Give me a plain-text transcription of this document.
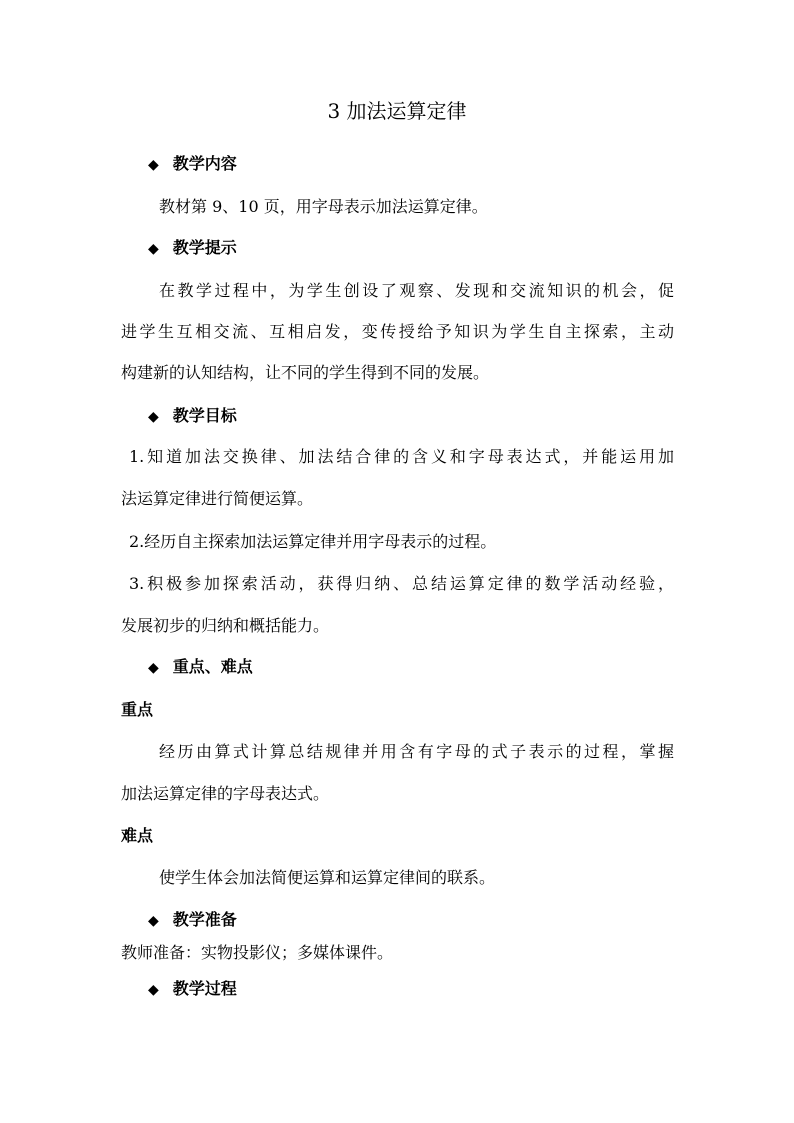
3 加法运算定律
◆ 教学内容
教材第 9、10 页，用字母表示加法运算定律。
◆ 教学提示
在教学过程中，为学生创设了观察、发现和交流知识的机会，促
进学生互相交流、互相启发，变传授给予知识为学生自主探索，主动
构建新的认知结构，让不同的学生得到不同的发展。
◆ 教学目标
1.知道加法交换律、加法结合律的含义和字母表达式，并能运用加
法运算定律进行简便运算。
2.经历自主探索加法运算定律并用字母表示的过程。
3.积极参加探索活动，获得归纳、总结运算定律的数学活动经验，
发展初步的归纳和概括能力。
◆ 重点、难点
重点
经历由算式计算总结规律并用含有字母的式子表示的过程，掌握
加法运算定律的字母表达式。
难点
使学生体会加法简便运算和运算定律间的联系。
◆ 教学准备
教师准备：实物投影仪；多媒体课件。
◆ 教学过程
